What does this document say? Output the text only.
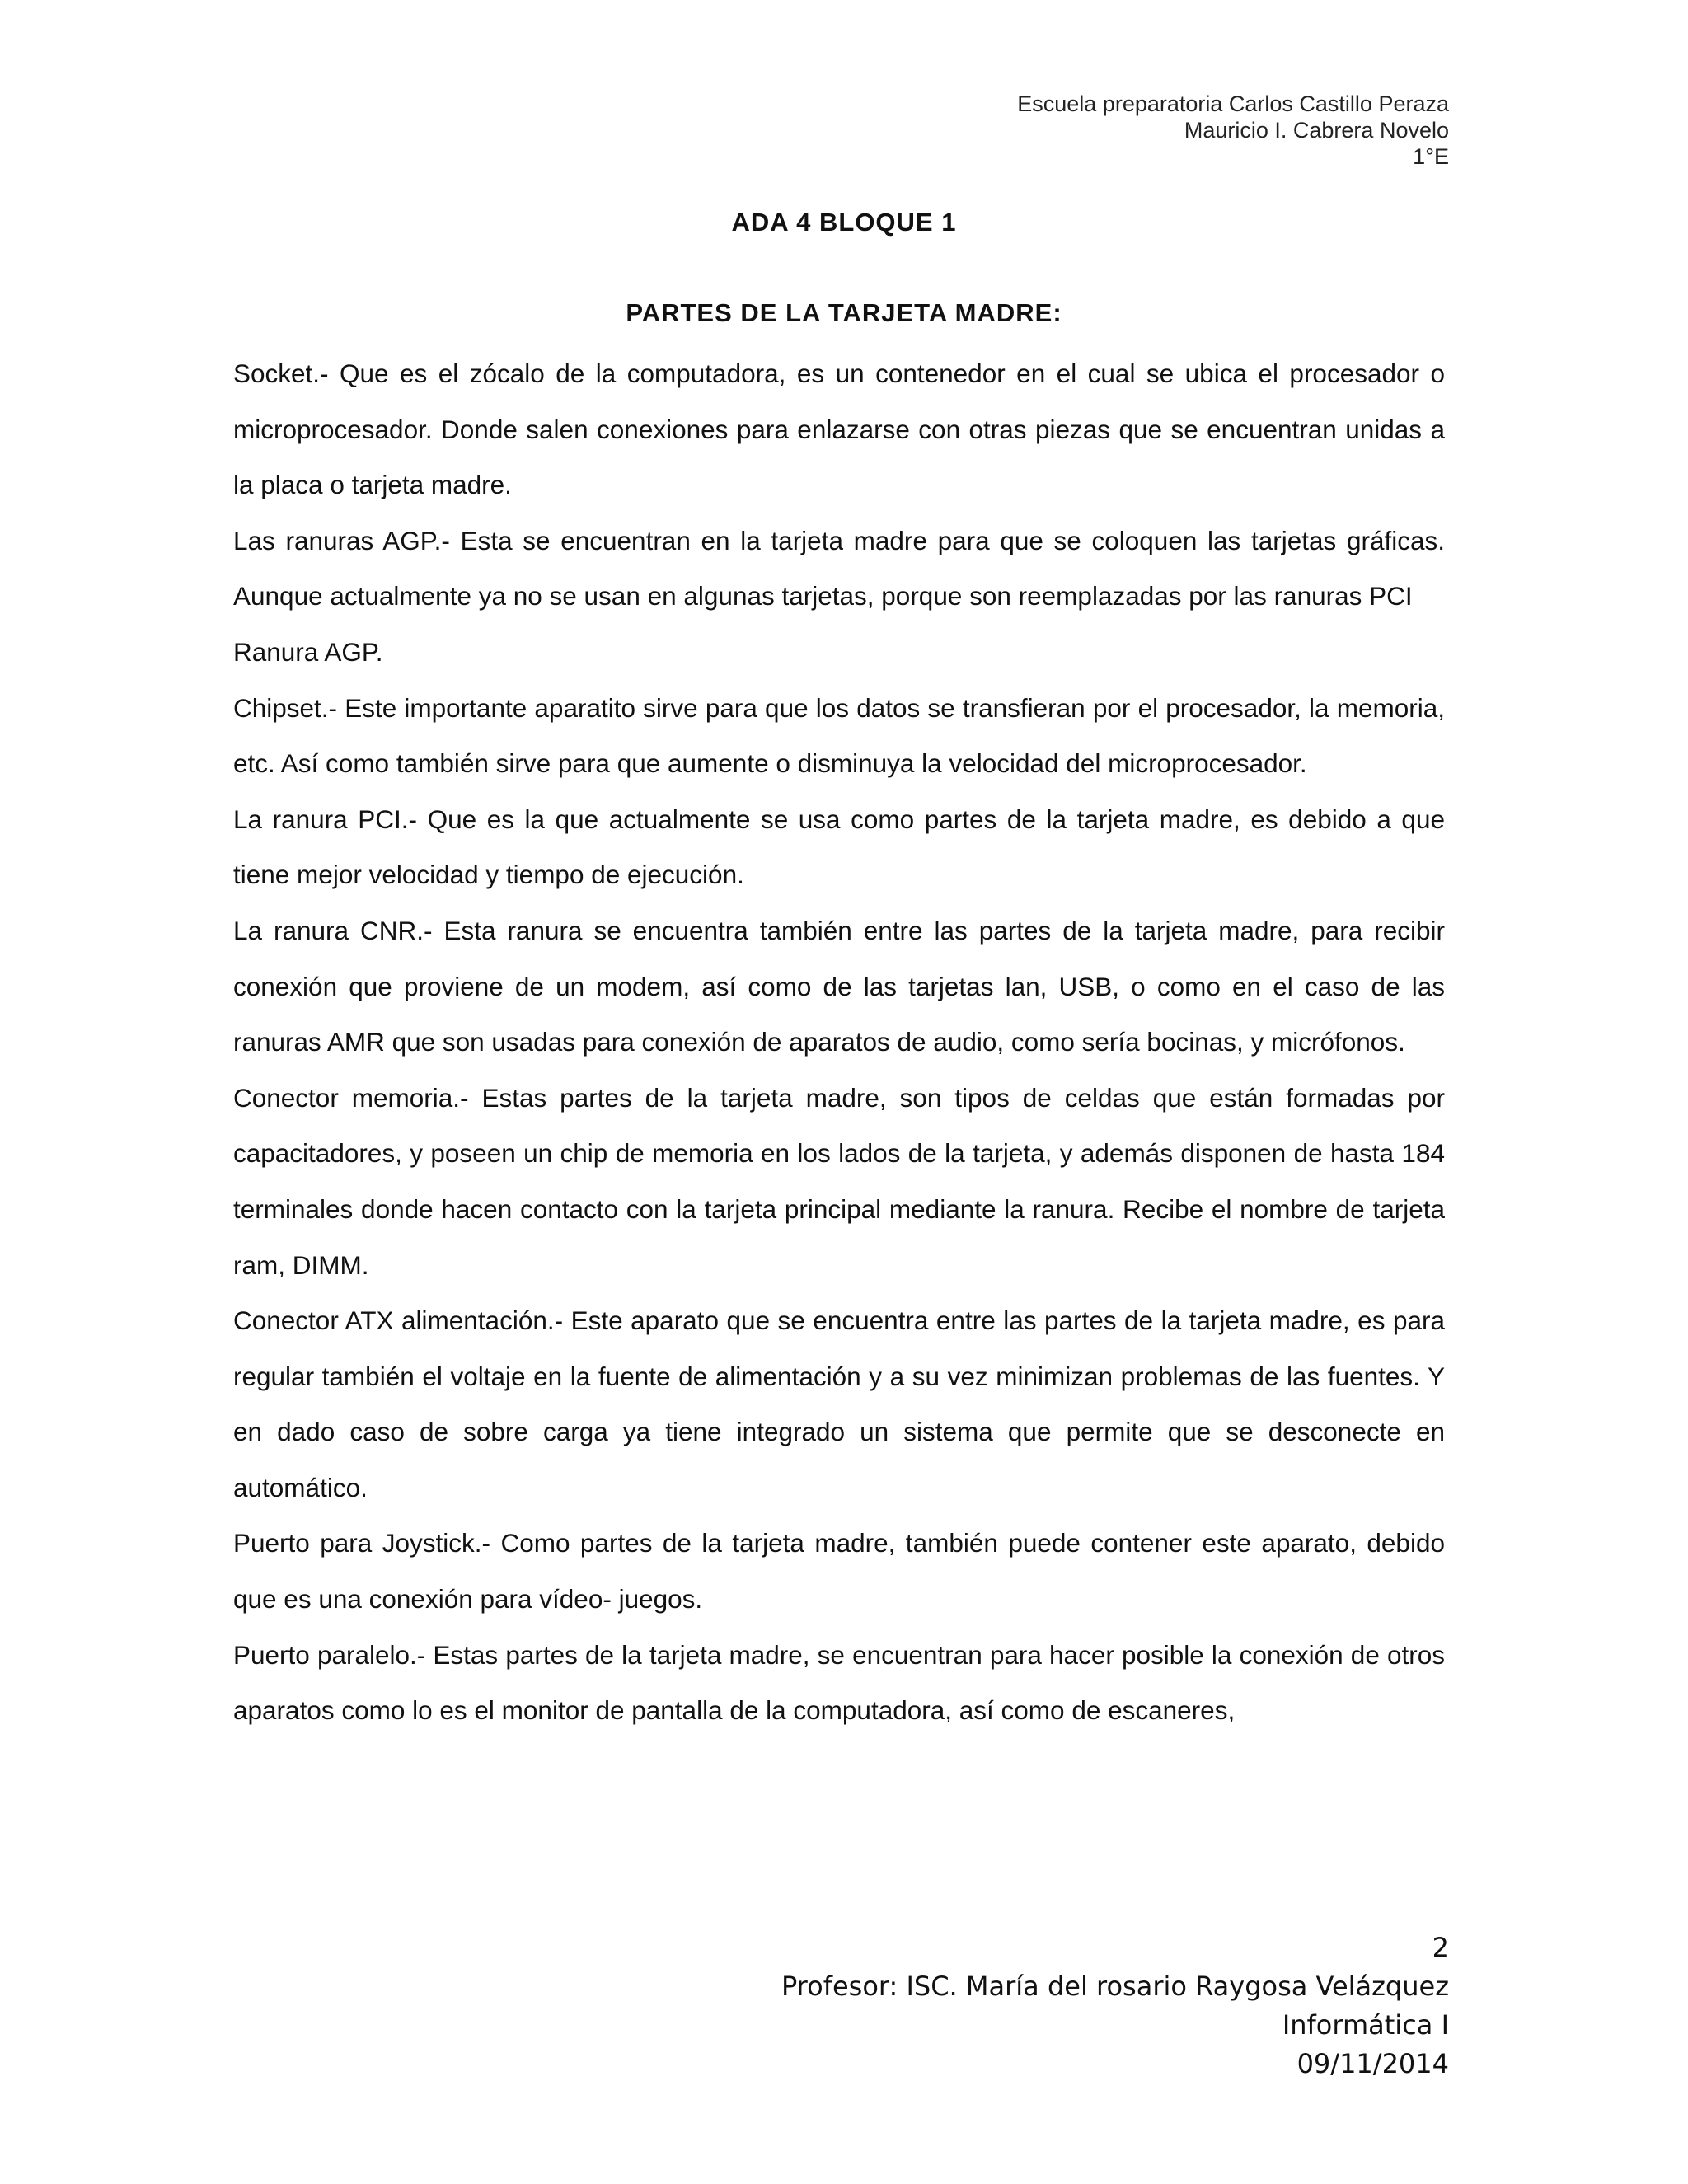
Escuela preparatoria Carlos Castillo Peraza
Mauricio I. Cabrera Novelo
1°E
ADA 4 BLOQUE 1
PARTES DE LA TARJETA MADRE:

Socket.- Que es el zócalo de la computadora, es un contenedor en el cual se ubica el procesador o microprocesador. Donde salen conexiones para enlazarse con otras piezas que se encuentran unidas a la placa o tarjeta madre.

Las ranuras AGP.- Esta se encuentran en la tarjeta madre para que se coloquen las tarjetas gráficas. Aunque actualmente ya no se usan en algunas tarjetas, porque son reemplazadas por las ranuras PCI

Ranura AGP.

Chipset.- Este importante aparatito sirve para que los datos se transfieran por el procesador, la memoria, etc. Así como también sirve para que aumente o disminuya la velocidad del microprocesador.

La ranura PCI.- Que es la que actualmente se usa como partes de la tarjeta madre, es debido a que tiene mejor velocidad y tiempo de ejecución.

La ranura CNR.- Esta ranura se encuentra también entre las partes de la tarjeta madre, para recibir conexión que proviene de un modem, así como de las tarjetas lan, USB, o como en el caso de las ranuras AMR que son usadas para conexión de aparatos de audio, como sería bocinas, y micrófonos.

Conector memoria.- Estas partes de la tarjeta madre, son tipos de celdas que están formadas por capacitadores, y poseen un chip de memoria en los lados de la tarjeta, y además disponen de hasta 184 terminales donde hacen contacto con la tarjeta principal mediante la ranura. Recibe el nombre de tarjeta ram, DIMM.

Conector ATX alimentación.- Este aparato que se encuentra entre las partes de la tarjeta madre, es para regular también el voltaje en la fuente de alimentación y a su vez minimizan problemas de las fuentes. Y en dado caso de sobre carga ya tiene integrado un sistema que permite que se desconecte en automático.

Puerto para Joystick.- Como partes de la tarjeta madre, también puede contener este aparato, debido que es una conexión para vídeo- juegos.

Puerto paralelo.- Estas partes de la tarjeta madre, se encuentran para hacer posible la conexión de otros aparatos como lo es el monitor de pantalla de la computadora, así como de escaneres,

2
Profesor: ISC. María del rosario Raygosa Velázquez
Informática I
09/11/2014
